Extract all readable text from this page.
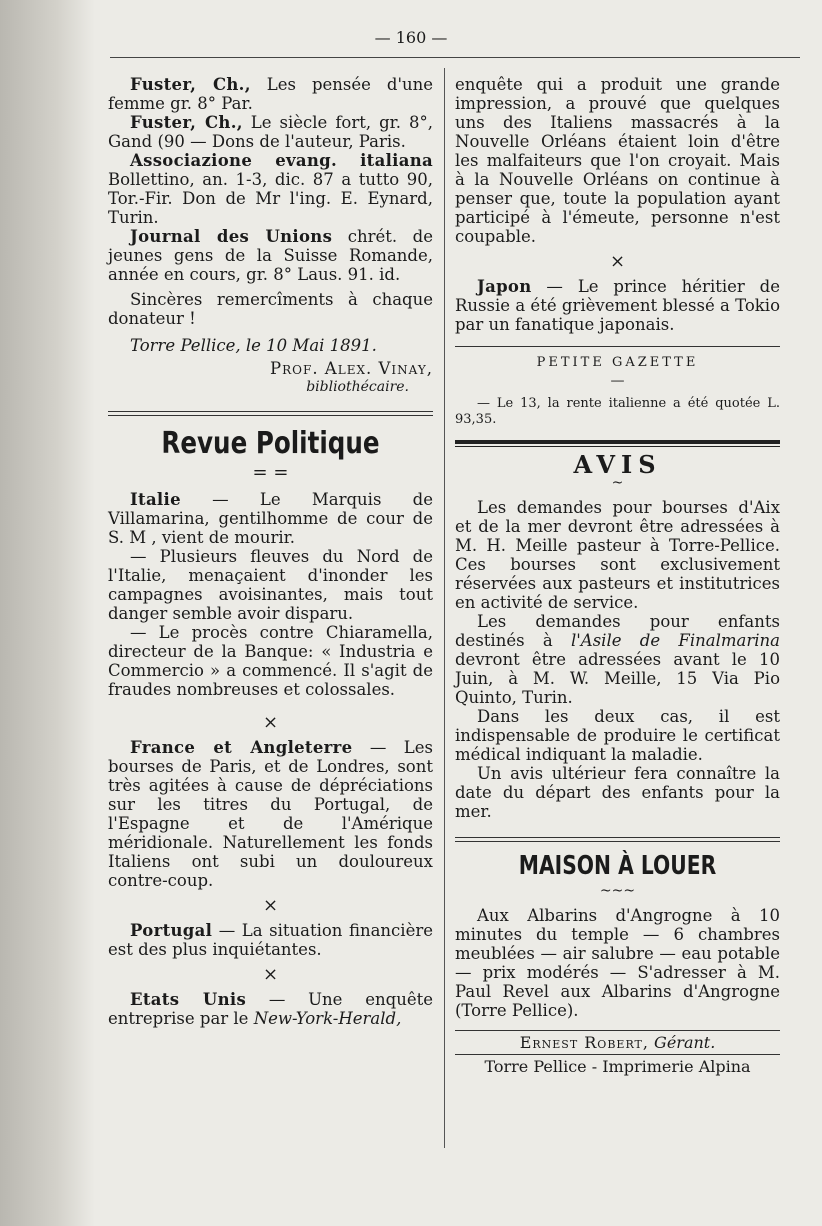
— 160 —

Fuster, Ch., Les pensée d'une femme gr. 8° Par.

Fuster, Ch., Le siècle fort, gr. 8°, Gand (90 — Dons de l'auteur, Paris.

Associazione evang. italiana Bollettino, an. 1-3, dic. 87 a tutto 90, Tor.-Fir. Don de Mr l'ing. E. Eynard, Turin.

Journal des Unions chrét. de jeunes gens de la Suisse Romande, année en cours, gr. 8° Laus. 91. id.

Sincères remercîments à chaque donateur !

Torre Pellice, le 10 Mai 1891.

Prof. Alex. Vinay,

bibliothécaire.

Revue Politique
= =

Italie — Le Marquis de Villamarina, gentilhomme de cour de S. M , vient de mourir.

— Plusieurs fleuves du Nord de l'Italie, menaçaient d'inonder les campagnes avoisinantes, mais tout danger semble avoir disparu.

— Le procès contre Chiaramella, directeur de la Banque: « Industria e Commercio » a commencé. Il s'agit de fraudes nombreuses et colossales.

×

France et Angleterre — Les bourses de Paris, et de Londres, sont très agitées à cause de dépréciations sur les titres du Portugal, de l'Espagne et de l'Amérique méridionale. Naturellement les fonds Italiens ont subi un douloureux contre-coup.

×

Portugal — La situation financière est des plus inquiétantes.

×

Etats Unis — Une enquête entreprise par le New-York-Herald,

enquête qui a produit une grande impression, a prouvé que quelques uns des Italiens massacrés à la Nouvelle Orléans étaient loin d'être les malfaiteurs que l'on croyait. Mais à la Nouvelle Orléans on continue à penser que, toute la population ayant participé à l'émeute, personne n'est coupable.

×

Japon — Le prince héritier de Russie a été grièvement blessé a Tokio par un fanatique japonais.

PETITE GAZETTE
—

— Le 13, la rente italienne a été quotée L. 93,35.

AVIS
~

Les demandes pour bourses d'Aix et de la mer devront être adressées à M. H. Meille pasteur à Torre-Pellice. Ces bourses sont exclusivement réservées aux pasteurs et institutrices en activité de service.

Les demandes pour enfants destinés à l'Asile de Finalmarina devront être adressées avant le 10 Juin, à M. W. Meille, 15 Via Pio Quinto, Turin.

Dans les deux cas, il est indispensable de produire le certificat médical indiquant la maladie.

Un avis ultérieur fera connaître la date du départ des enfants pour la mer.

MAISON À LOUER
~~~

Aux Albarins d'Angrogne à 10 minutes du temple — 6 chambres meublées — air salubre — eau potable — prix modérés — S'adresser à M. Paul Revel aux Albarins d'Angrogne (Torre Pellice).

Ernest Robert, Gérant.

Torre Pellice - Imprimerie Alpina
